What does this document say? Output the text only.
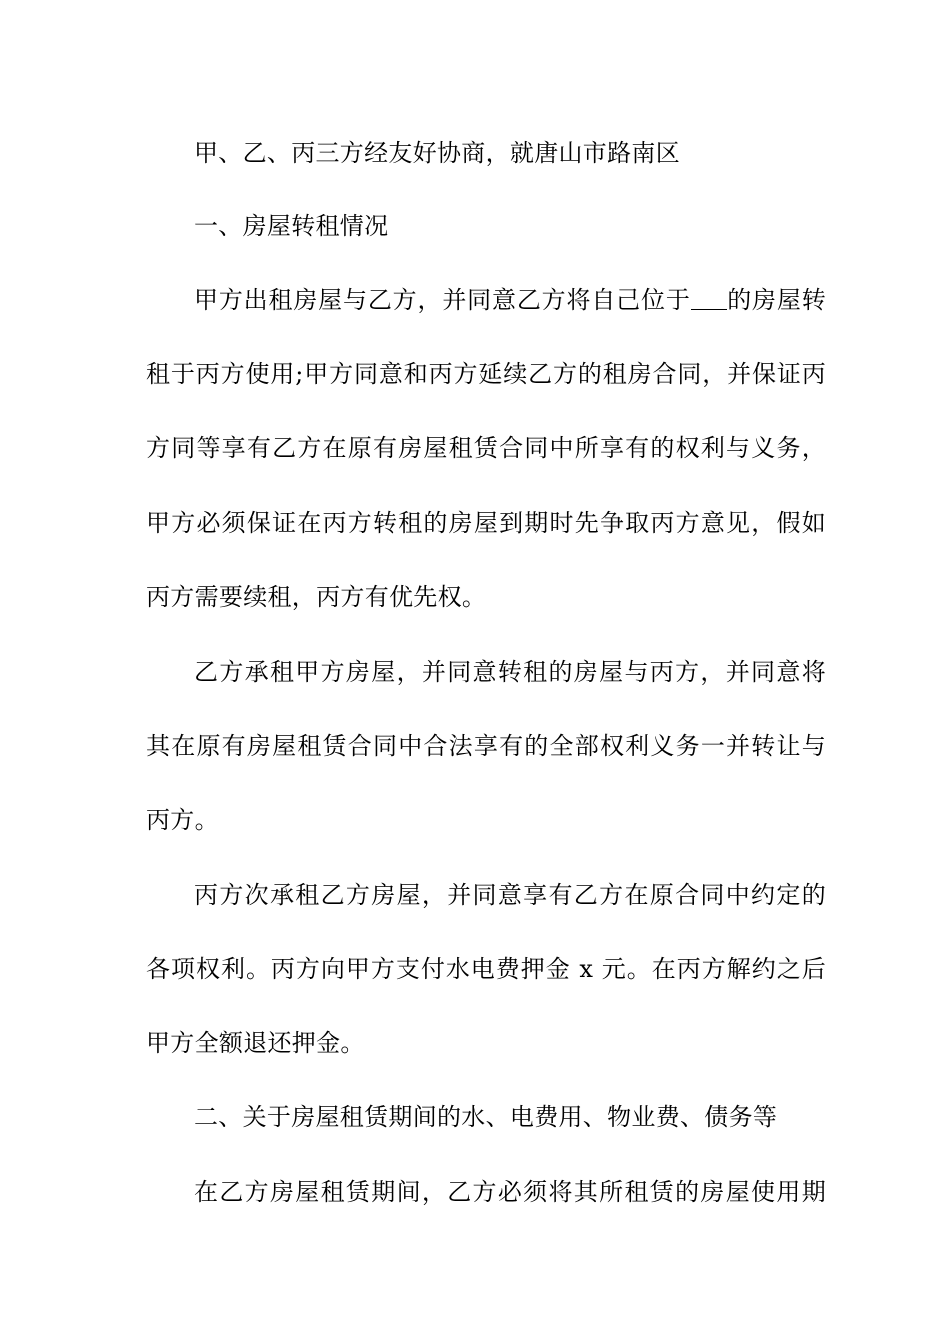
甲、乙、丙三方经友好协商，就唐山市路南区
一、房屋转租情况
甲方出租房屋与乙方，并同意乙方将自己位于 的房屋转
租于丙方使用;甲方同意和丙方延续乙方的租房合同，并保证丙
方同等享有乙方在原有房屋租赁合同中所享有的权利与义务，
甲方必须保证在丙方转租的房屋到期时先争取丙方意见，假如
丙方需要续租，丙方有优先权。
乙方承租甲方房屋，并同意转租的房屋与丙方，并同意将
其在原有房屋租赁合同中合法享有的全部权利义务一并转让与
丙方。
丙方次承租乙方房屋，并同意享有乙方在原合同中约定的
各项权利。丙方向甲方支付水电费押金 x 元。在丙方解约之后
甲方全额退还押金。
二、关于房屋租赁期间的水、电费用、物业费、债务等
在乙方房屋租赁期间，乙方必须将其所租赁的房屋使用期
